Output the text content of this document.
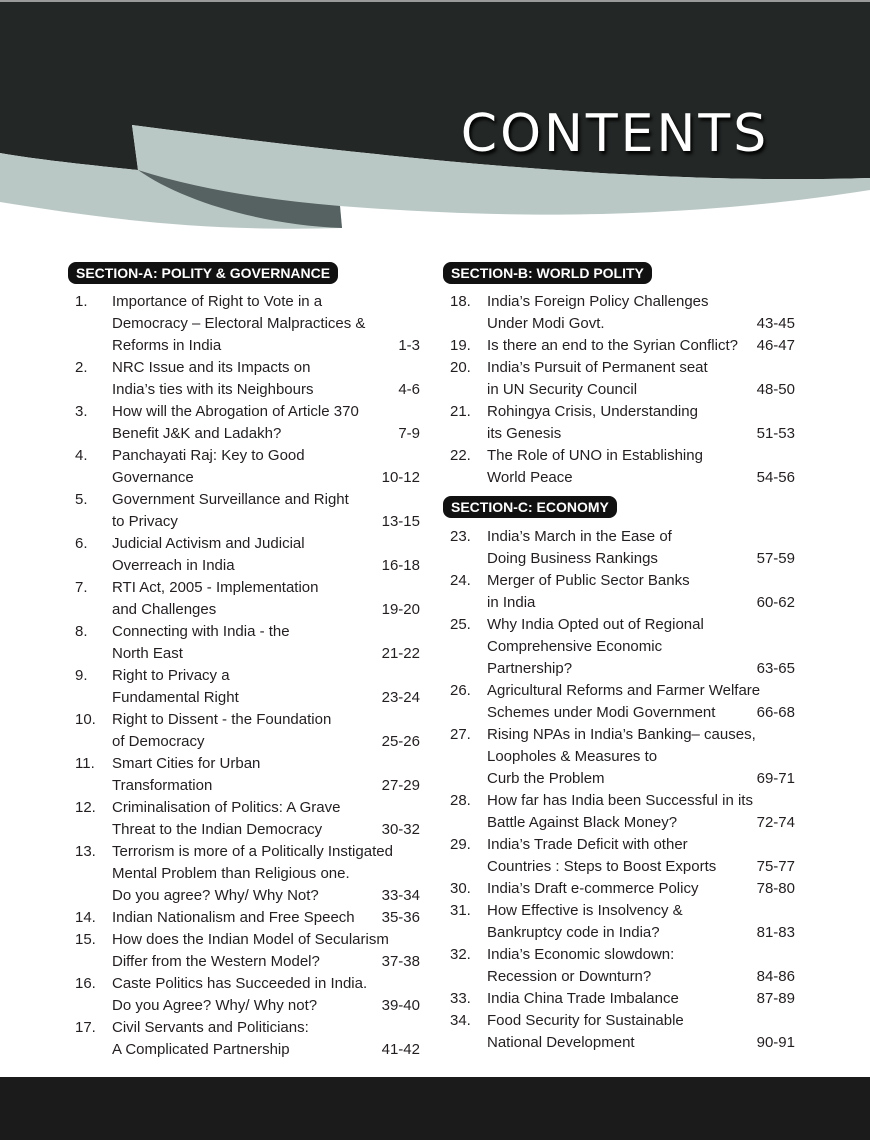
CONTENTS
SECTION-A: POLITY & GOVERNANCE
1.	Importance of Right to Vote in a
Democracy – Electoral Malpractices &
Reforms in India	1-3
2.	NRC Issue and its Impacts on
India’s ties with its Neighbours	4-6
3.	How will the Abrogation of Article 370
Benefit J&K and Ladakh?	7-9
4.	Panchayati Raj: Key to Good
Governance	10-12
5.	Government Surveillance and Right
to Privacy	13-15
6.	Judicial Activism and Judicial
Overreach in India	16-18
7.	RTI Act, 2005 - Implementation
and Challenges	19-20
8.	Connecting with India - the
North East	21-22
9.	Right to Privacy a
Fundamental Right	23-24
10.	Right to Dissent - the Foundation
of Democracy	25-26
11.	Smart Cities for Urban
Transformation	27-29
12.	Criminalisation of Politics: A Grave
Threat to the Indian Democracy	30-32
13.	Terrorism is more of a Politically Instigated
Mental Problem than Religious one.
Do you agree? Why/ Why Not?	33-34
14.	Indian Nationalism and Free Speech 35-36
15.	How does the Indian Model of Secularism
Differ from the Western Model?	37-38
16.	Caste Politics has Succeeded in India.
Do you Agree? Why/ Why not?	39-40
17.	Civil Servants and Politicians:
A Complicated Partnership	41-42
SECTION-B: WORLD POLITY
18.	India’s Foreign Policy Challenges
Under Modi Govt.	43-45
19.	Is there an end to the Syrian Conflict? 46-47
20.	India’s Pursuit of Permanent seat
in UN Security Council	48-50
21.	Rohingya Crisis, Understanding
its Genesis	51-53
22.	The Role of UNO in Establishing
World Peace	54-56
SECTION-C: ECONOMY
23.	India’s March in the Ease of
Doing Business Rankings	57-59
24.	Merger of Public Sector Banks
in India	60-62
25.	Why India Opted out of Regional
Comprehensive Economic
Partnership?	63-65
26.	Agricultural Reforms and Farmer Welfare
Schemes under Modi Government	66-68
27.	Rising NPAs in India’s Banking– causes,
Loopholes & Measures to
Curb the Problem	69-71
28.	How far has India been Successful in its
Battle Against Black Money?	72-74
29.	India’s Trade Deficit with other
Countries : Steps to Boost Exports	75-77
30.	India’s Draft e-commerce Policy	78-80
31.	How Effective is Insolvency &
Bankruptcy code in India?	81-83
32.	India’s Economic slowdown:
Recession or Downturn?	84-86
33.	India China Trade Imbalance	87-89
34.	Food Security for Sustainable
National Development	90-91
